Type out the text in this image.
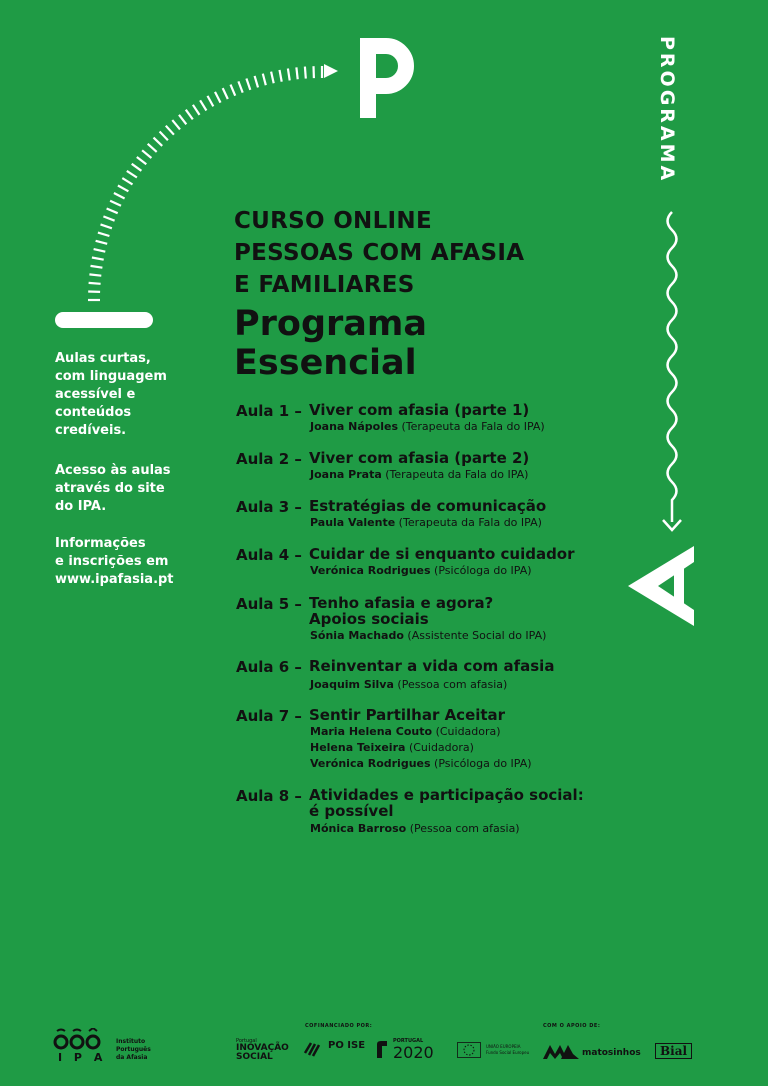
PROGRAMA
CURSO ONLINE
PESSOAS COM AFASIA
E FAMILIARES
Programa
Essencial
Aulas curtas,
com linguagem
acessível e
conteúdos
credíveis.
Acesso às aulas
através do site
do IPA.
Informações
e inscrições em
www.ipafasia.pt
Aula 1 – Viver com afasia (parte 1)
Joana Nápoles (Terapeuta da Fala do IPA)
Aula 2 – Viver com afasia (parte 2)
Joana Prata (Terapeuta da Fala do IPA)
Aula 3 – Estratégias de comunicação
Paula Valente (Terapeuta da Fala do IPA)
Aula 4 – Cuidar de si enquanto cuidador
Verónica Rodrigues (Psicóloga do IPA)
Aula 5 – Tenho afasia e agora?
Apoios sociais
Sónia Machado (Assistente Social do IPA)
Aula 6 – Reinventar a vida com afasia
Joaquim Silva (Pessoa com afasia)
Aula 7 – Sentir Partilhar Aceitar
Maria Helena Couto (Cuidadora)
Helena Teixeira (Cuidadora)
Verónica Rodrigues (Psicóloga do IPA)
Aula 8 – Atividades e participação social:
é possível
Mónica Barroso (Pessoa com afasia)
I P A
Instituto
Português
da Afasia
COFINANCIADO POR:	COM O APOIO DE:
Portugal
INOVAÇÃO
SOCIAL
PO ISE	PORTUGAL
2020	UNIÃO EUROPEIA
Fundo Social Europeu	matosinhos	Bial
